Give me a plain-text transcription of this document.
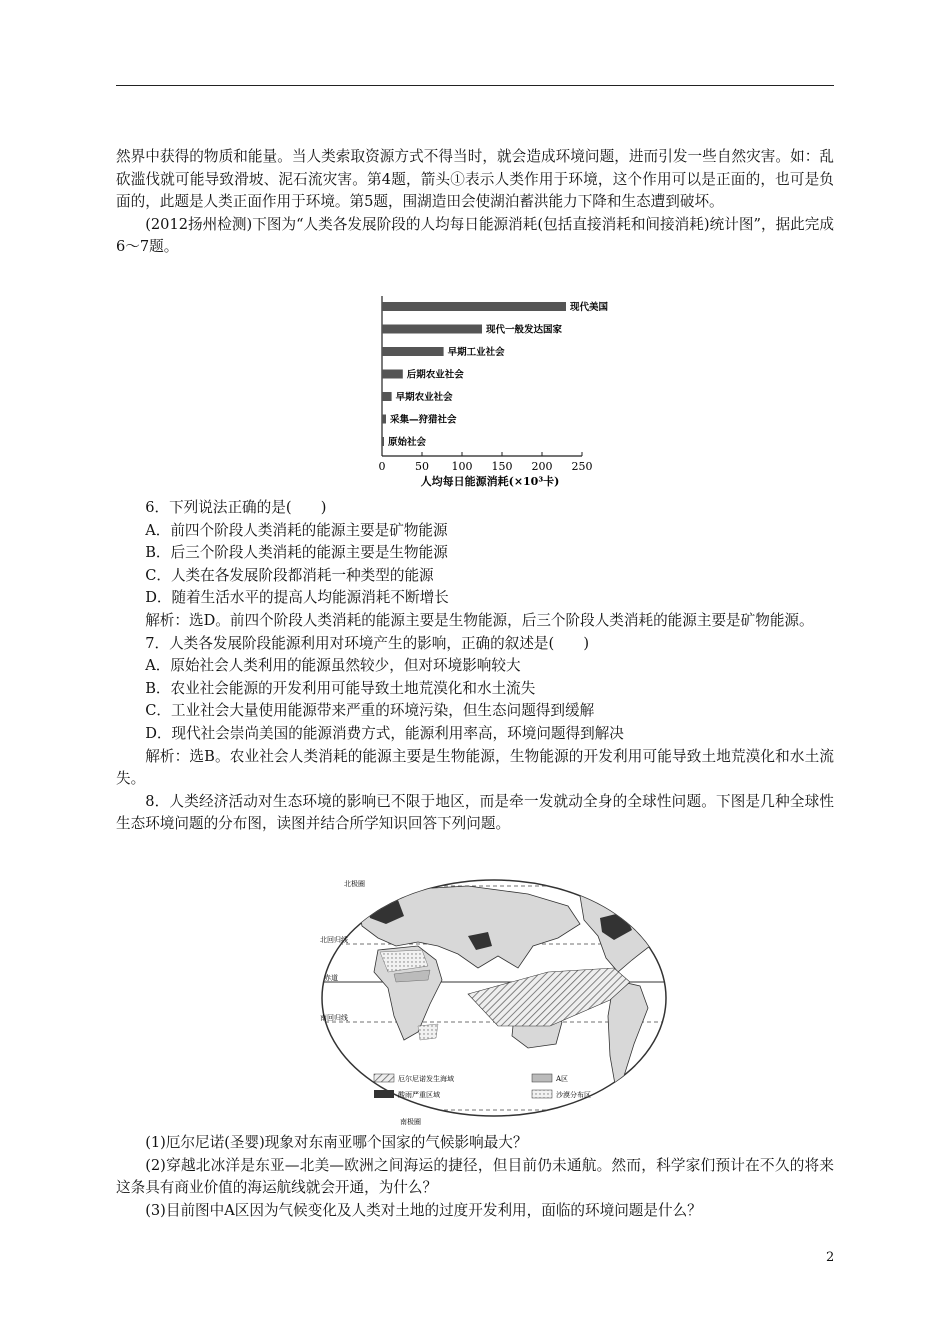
然界中获得的物质和能量。当人类索取资源方式不得当时，就会造成环境问题，进而引发一些自然灾害。如：乱砍滥伐就可能导致滑坡、泥石流灾害。第4题，箭头①表示人类作用于环境，这个作用可以是正面的，也可是负面的，此题是人类正面作用于环境。第5题，围湖造田会使湖泊蓄洪能力下降和生态遭到破坏。

(2012扬州检测)下图为“人类各发展阶段的人均每日能源消耗(包括直接消耗和间接消耗)统计图”，据此完成6～7题。

现代美国
现代一般发达国家
早期工业社会
后期农业社会
早期农业社会
采集—狩猎社会
原始社会
0	50 100 150 200 250
人均每日能源消耗(×10³卡)

6．下列说法正确的是(　　)

A．前四个阶段人类消耗的能源主要是矿物能源

B．后三个阶段人类消耗的能源主要是生物能源

C．人类在各发展阶段都消耗一种类型的能源

D．随着生活水平的提高人均能源消耗不断增长

解析：选D。前四个阶段人类消耗的能源主要是生物能源，后三个阶段人类消耗的能源主要是矿物能源。

7．人类各发展阶段能源利用对环境产生的影响，正确的叙述是(　　)

A．原始社会人类利用的能源虽然较少，但对环境影响较大

B．农业社会能源的开发利用可能导致土地荒漠化和水土流失

C．工业社会大量使用能源带来严重的环境污染，但生态问题得到缓解

D．现代社会崇尚美国的能源消费方式，能源利用率高，环境问题得到解决

解析：选B。农业社会人类消耗的能源主要是生物能源，生物能源的开发利用可能导致土地荒漠化和水土流失。

8．人类经济活动对生态环境的影响已不限于地区，而是牵一发就动全身的全球性问题。下图是几种全球性生态环境问题的分布图，读图并结合所学知识回答下列问题。

北极圈
北回归线
赤道
南回归线
南极圈
厄尔尼诺发生海域
酸雨严重区域
A区
沙漠分布区

(1)厄尔尼诺(圣婴)现象对东南亚哪个国家的气候影响最大？

(2)穿越北冰洋是东亚—北美—欧洲之间海运的捷径，但目前仍未通航。然而，科学家们预计在不久的将来这条具有商业价值的海运航线就会开通，为什么？

(3)目前图中A区因为气候变化及人类对土地的过度开发利用，面临的环境问题是什么？

2
